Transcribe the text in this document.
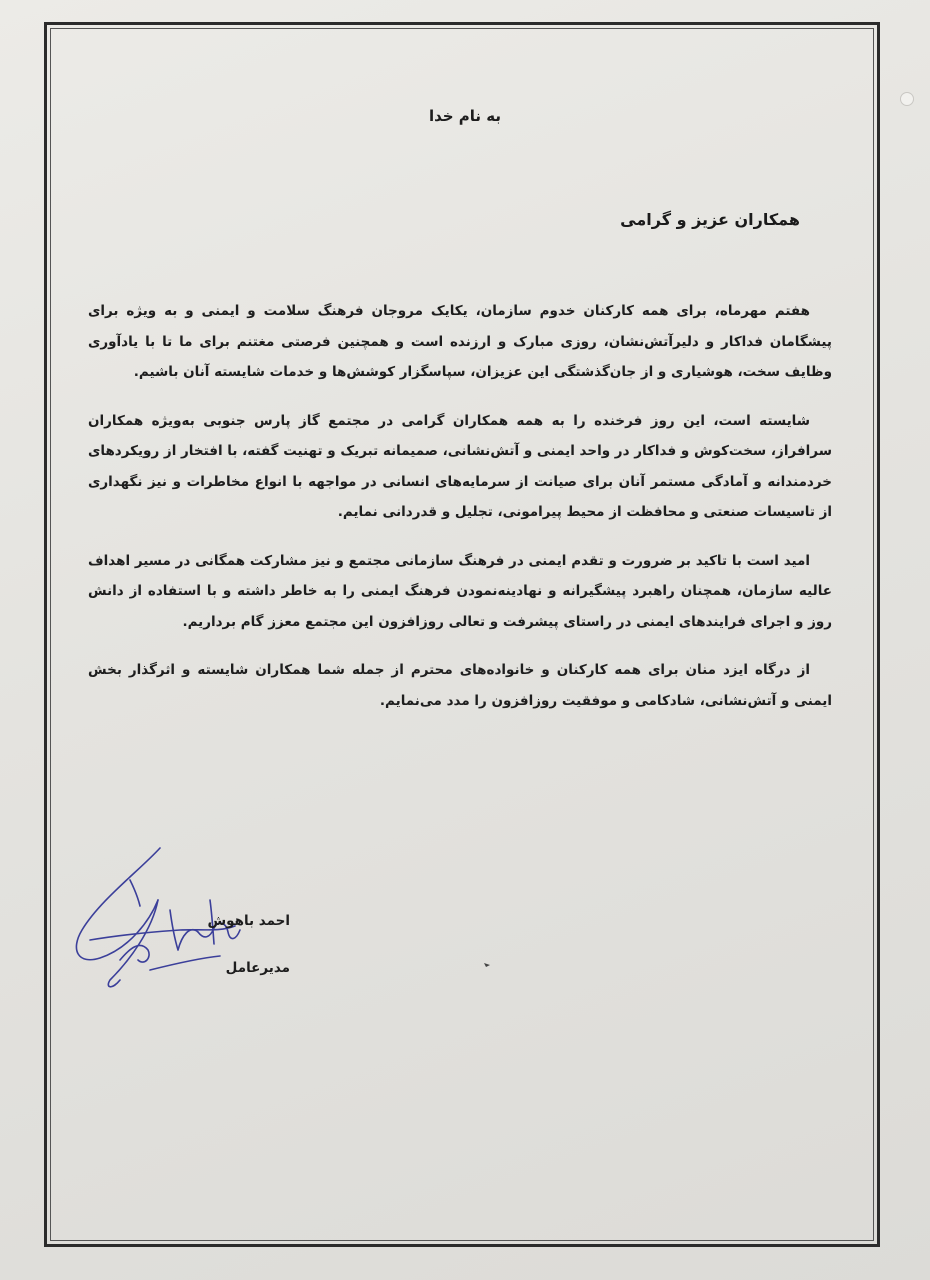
به نام خدا
همکاران عزیز و گرامی

هفتم مهرماه، برای همه کارکنان خدوم سازمان، یکایک مروجان فرهنگ سلامت و ایمنی و به ویژه برای پیشگامان فداکار و دلیرآتش‌نشان، روزی مبارک و ارزنده است و همچنین فرصتی مغتنم برای ما تا با یادآوری وظایف سخت، هوشیاری و از جان‌گذشتگی این عزیزان، سپاسگزار کوشش‌ها و خدمات شایسته آنان باشیم.

شایسته است، این روز فرخنده را به همه همکاران گرامی در مجتمع گاز پارس جنوبی به‌ویژه همکاران سرافراز، سخت‌کوش و فداکار در واحد ایمنی و آتش‌نشانی، صمیمانه تبریک و تهنیت گفته، با افتخار از رویکردهای خردمندانه و آمادگی مستمر آنان برای صیانت از سرمایه‌های انسانی در مواجهه با انواع مخاطرات و نیز نگهداری از تاسیسات صنعتی و محافظت از محیط پیرامونی، تجلیل و قدردانی نمایم.

امید است با تاکید بر ضرورت و تقدم ایمنی در فرهنگ سازمانی مجتمع و نیز مشارکت همگانی در مسیر اهداف عالیه سازمان، همچنان راهبرد پیشگیرانه و نهادینه‌نمودن فرهنگ ایمنی را به خاطر داشته و با استفاده از دانش روز و اجرای فرایندهای ایمنی در راستای پیشرفت و تعالی روزافزون این مجتمع معزز گام برداریم.

از درگاه ایزد منان برای همه کارکنان و خانواده‌های محترم از جمله شما همکاران شایسته و اثرگذار بخش ایمنی و آتش‌نشانی، شادکامی و موفقیت روزافزون را مدد می‌نمایم.

احمد باهوش
مدیرعامل
